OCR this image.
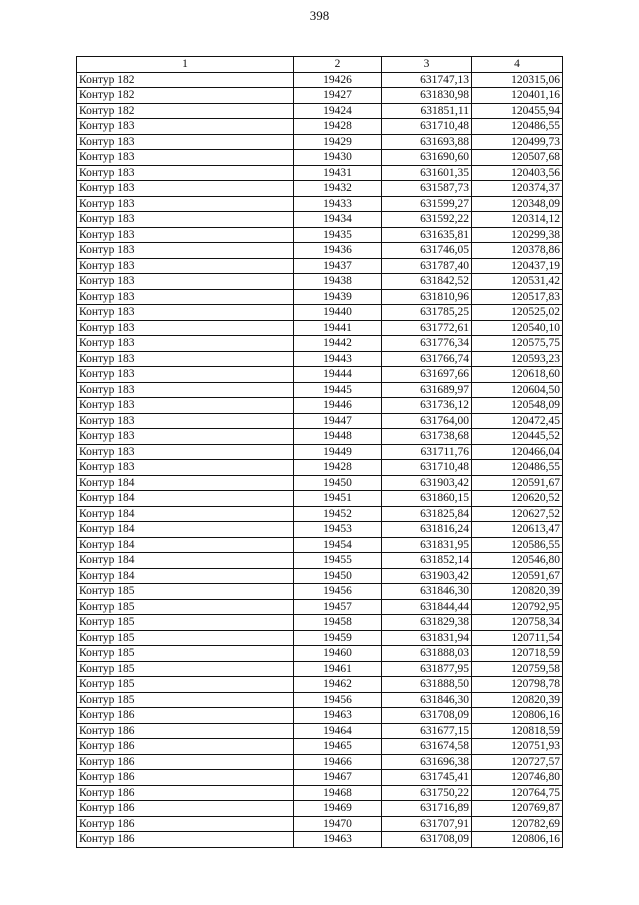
398
1	2	3	4
Контур 182	19426	631747,13	120315,06
Контур 182	19427	631830,98	120401,16
Контур 182	19424	631851,11	120455,94
Контур 183	19428	631710,48	120486,55
Контур 183	19429	631693,88	120499,73
Контур 183	19430	631690,60	120507,68
Контур 183	19431	631601,35	120403,56
Контур 183	19432	631587,73	120374,37
Контур 183	19433	631599,27	120348,09
Контур 183	19434	631592,22	120314,12
Контур 183	19435	631635,81	120299,38
Контур 183	19436	631746,05	120378,86
Контур 183	19437	631787,40	120437,19
Контур 183	19438	631842,52	120531,42
Контур 183	19439	631810,96	120517,83
Контур 183	19440	631785,25	120525,02
Контур 183	19441	631772,61	120540,10
Контур 183	19442	631776,34	120575,75
Контур 183	19443	631766,74	120593,23
Контур 183	19444	631697,66	120618,60
Контур 183	19445	631689,97	120604,50
Контур 183	19446	631736,12	120548,09
Контур 183	19447	631764,00	120472,45
Контур 183	19448	631738,68	120445,52
Контур 183	19449	631711,76	120466,04
Контур 183	19428	631710,48	120486,55
Контур 184	19450	631903,42	120591,67
Контур 184	19451	631860,15	120620,52
Контур 184	19452	631825,84	120627,52
Контур 184	19453	631816,24	120613,47
Контур 184	19454	631831,95	120586,55
Контур 184	19455	631852,14	120546,80
Контур 184	19450	631903,42	120591,67
Контур 185	19456	631846,30	120820,39
Контур 185	19457	631844,44	120792,95
Контур 185	19458	631829,38	120758,34
Контур 185	19459	631831,94	120711,54
Контур 185	19460	631888,03	120718,59
Контур 185	19461	631877,95	120759,58
Контур 185	19462	631888,50	120798,78
Контур 185	19456	631846,30	120820,39
Контур 186	19463	631708,09	120806,16
Контур 186	19464	631677,15	120818,59
Контур 186	19465	631674,58	120751,93
Контур 186	19466	631696,38	120727,57
Контур 186	19467	631745,41	120746,80
Контур 186	19468	631750,22	120764,75
Контур 186	19469	631716,89	120769,87
Контур 186	19470	631707,91	120782,69
Контур 186	19463	631708,09	120806,16
